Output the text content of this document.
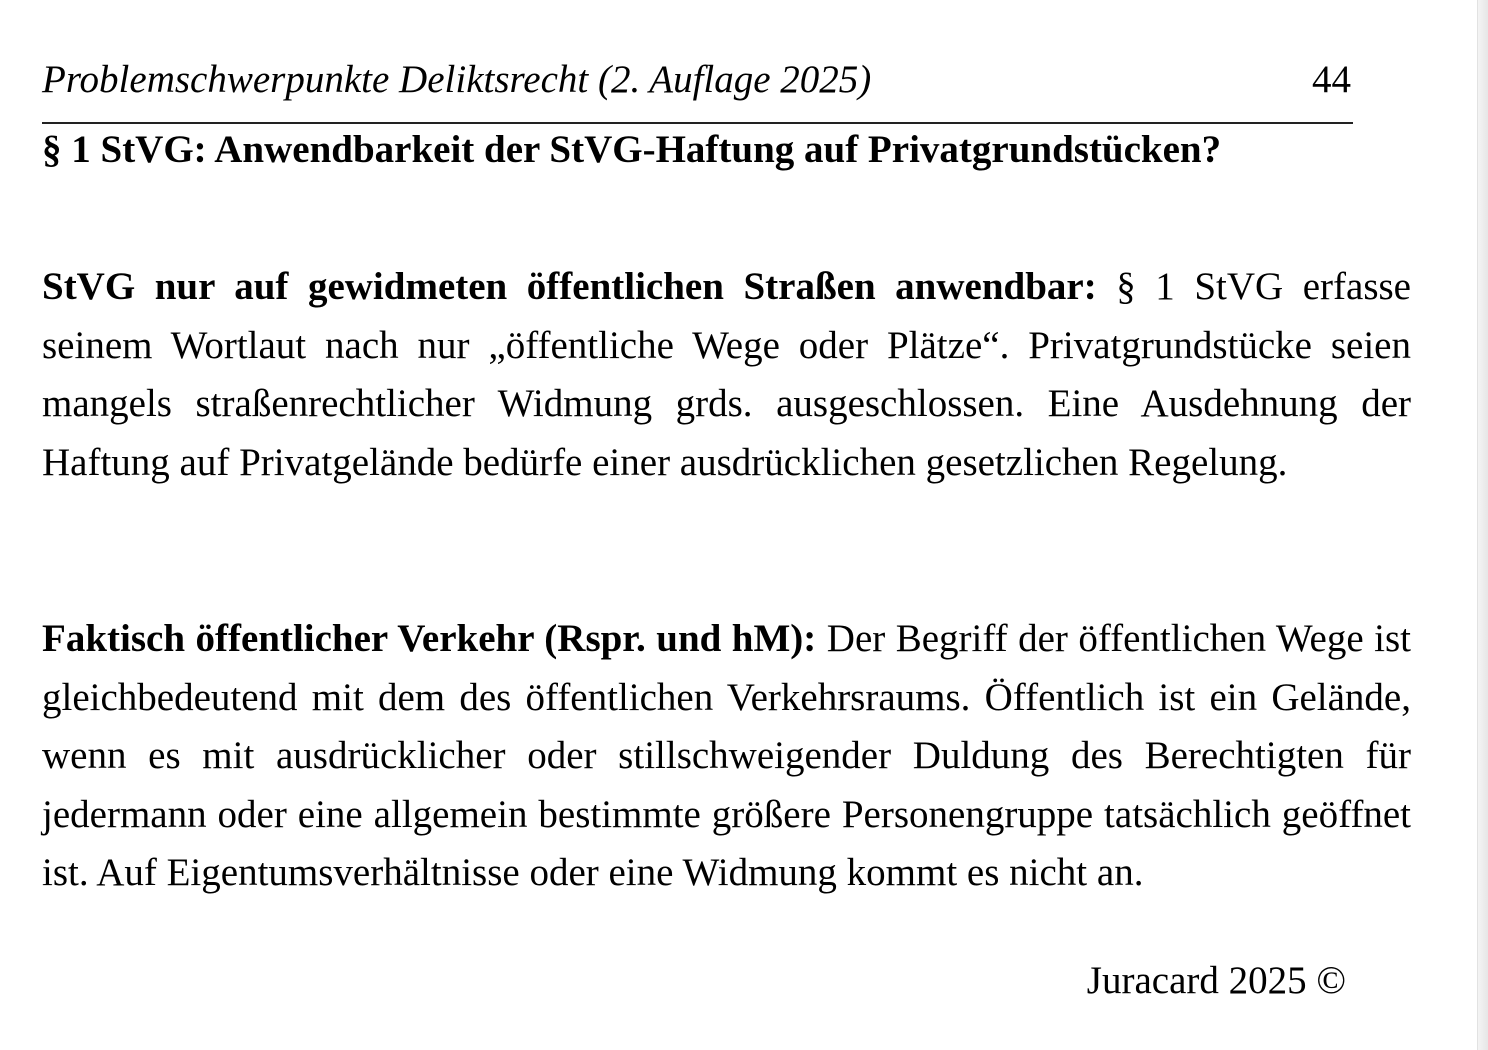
Problemschwerpunkte Deliktsrecht (2. Auflage 2025)	44
§ 1 StVG: Anwendbarkeit der StVG-Haftung auf Privatgrundstücken?

StVG nur auf gewidmeten öffentlichen Straßen anwendbar: § 1 StVG erfasse seinem Wortlaut nach nur „öffentliche Wege oder Plätze“. Privatgrundstücke seien mangels straßenrechtlicher Widmung grds. ausgeschlossen. Eine Ausdehnung der Haftung auf Privatgelände bedürfe einer ausdrücklichen gesetzlichen Regelung.

Faktisch öffentlicher Verkehr (Rspr. und hM): Der Begriff der öffentlichen Wege ist gleichbedeutend mit dem des öffentlichen Verkehrsraums. Öffentlich ist ein Gelände, wenn es mit ausdrücklicher oder stillschweigender Duldung des Berechtigten für jedermann oder eine allgemein bestimmte größere Personengruppe tatsächlich geöffnet ist. Auf Eigentumsverhältnisse oder eine Widmung kommt es nicht an.

Juracard 2025 ©
